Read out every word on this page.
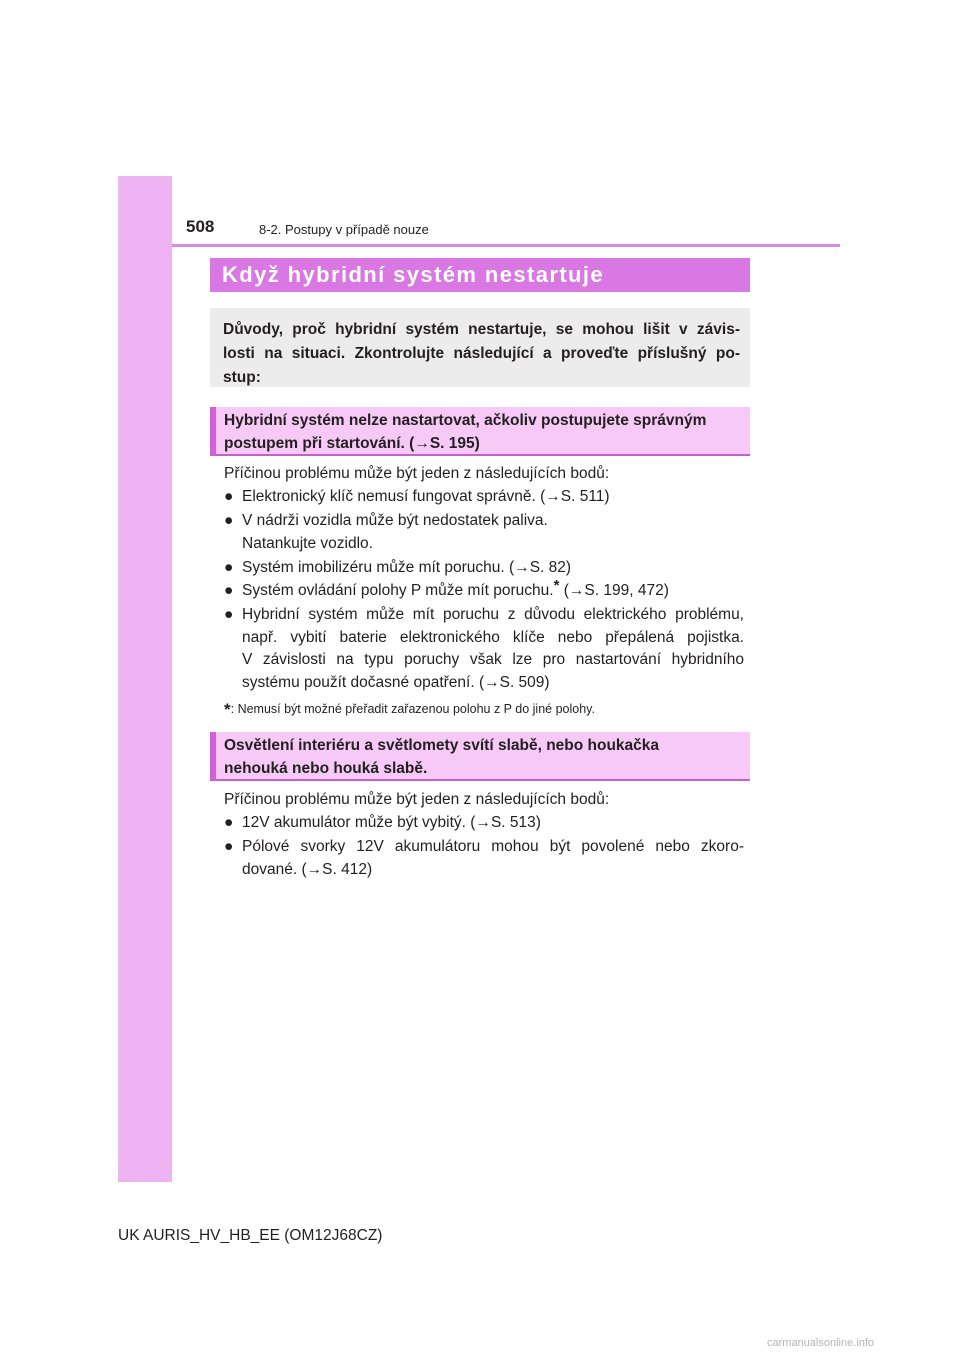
508	8-2. Postupy v případě nouze
Když hybridní systém nestartuje
Důvody, proč hybridní systém nestartuje, se mohou lišit v závis-
losti na situaci. Zkontrolujte následující a proveďte příslušný po-
stup:
Hybridní systém nelze nastartovat, ačkoliv postupujete správným
postupem při startování. (→S. 195)
Příčinou problému může být jeden z následujících bodů:
● Elektronický klíč nemusí fungovat správně. (→S. 511)
● V nádrži vozidla může být nedostatek paliva.
Natankujte vozidlo.
● Systém imobilizéru může mít poruchu. (→S. 82)
● Systém ovládání polohy P může mít poruchu.* (→S. 199, 472)
● Hybridní systém může mít poruchu z důvodu elektrického problému,
např. vybití baterie elektronického klíče nebo přepálená pojistka.
V závislosti na typu poruchy však lze pro nastartování hybridního
systému použít dočasné opatření. (→S. 509)
*: Nemusí být možné přeřadit zařazenou polohu z P do jiné polohy.
Osvětlení interiéru a světlomety svítí slabě, nebo houkačka
nehouká nebo houká slabě.
Příčinou problému může být jeden z následujících bodů:
● 12V akumulátor může být vybitý. (→S. 513)
● Pólové svorky 12V akumulátoru mohou být povolené nebo zkoro-
dované. (→S. 412)
UK AURIS_HV_HB_EE (OM12J68CZ)
carmanualsonline.info
